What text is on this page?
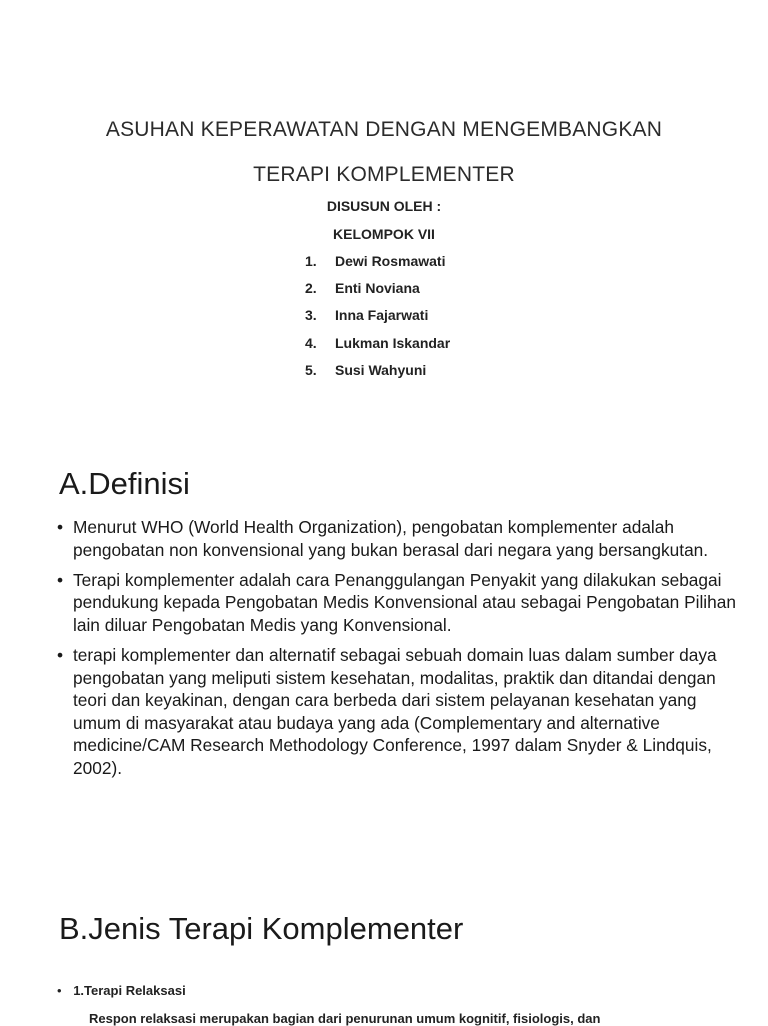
ASUHAN KEPERAWATAN DENGAN MENGEMBANGKAN
TERAPI KOMPLEMENTER
DISUSUN OLEH :
KELOMPOK VII
1. Dewi Rosmawati
2. Enti Noviana
3. Inna Fajarwati
4. Lukman Iskandar
5. Susi Wahyuni
A.Definisi
• Menurut WHO (World Health Organization), pengobatan komplementer adalah pengobatan non konvensional yang bukan berasal dari negara yang bersangkutan.
• Terapi komplementer adalah cara Penanggulangan Penyakit yang dilakukan sebagai pendukung kepada Pengobatan Medis Konvensional atau sebagai Pengobatan Pilihan lain diluar Pengobatan Medis yang Konvensional.
• terapi komplementer dan alternatif sebagai sebuah domain luas dalam sumber daya pengobatan yang meliputi sistem kesehatan, modalitas, praktik dan ditandai dengan teori dan keyakinan, dengan cara berbeda dari sistem pelayanan kesehatan yang umum di masyarakat atau budaya yang ada (Complementary and alternative medicine/CAM Research Methodology Conference, 1997 dalam Snyder & Lindquis, 2002).
B.Jenis Terapi Komplementer
• 1.Terapi Relaksasi
Respon relaksasi merupakan bagian dari penurunan umum kognitif, fisiologis, dan
